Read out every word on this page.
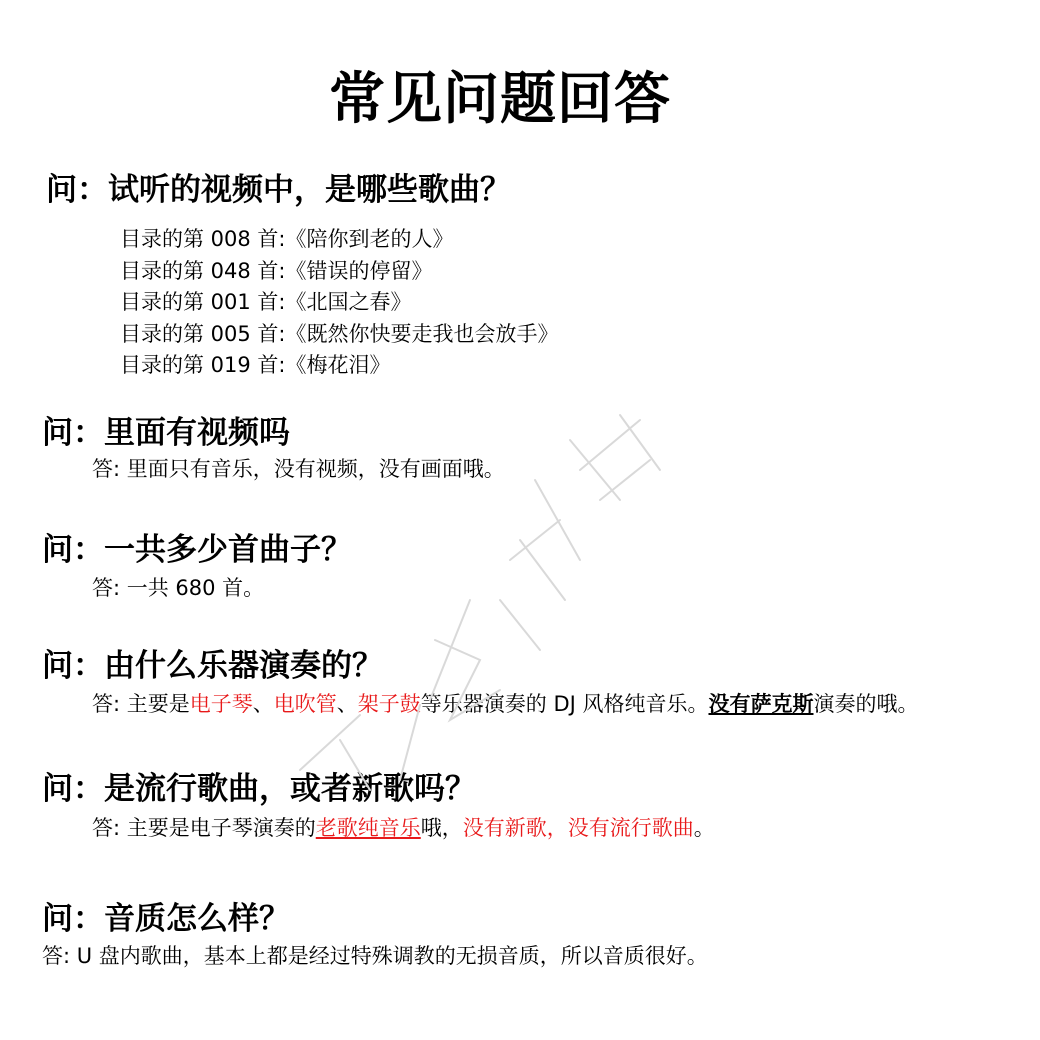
常见问题回答
问：试听的视频中，是哪些歌曲？
目录的第 008 首:《陪你到老的人》
目录的第 048 首:《错误的停留》
目录的第 001 首:《北国之春》
目录的第 005 首:《既然你快要走我也会放手》
目录的第 019 首:《梅花泪》
问：里面有视频吗
答: 里面只有音乐，没有视频，没有画面哦。
问：一共多少首曲子？
答: 一共 680 首。
问：由什么乐器演奏的？
答: 主要是电子琴、电吹管、架子鼓等乐器演奏的 DJ 风格纯音乐。没有萨克斯演奏的哦。
问：是流行歌曲，或者新歌吗？
答: 主要是电子琴演奏的老歌纯音乐哦，没有新歌，没有流行歌曲。
问：音质怎么样？
答: U 盘内歌曲，基本上都是经过特殊调教的无损音质，所以音质很好。
